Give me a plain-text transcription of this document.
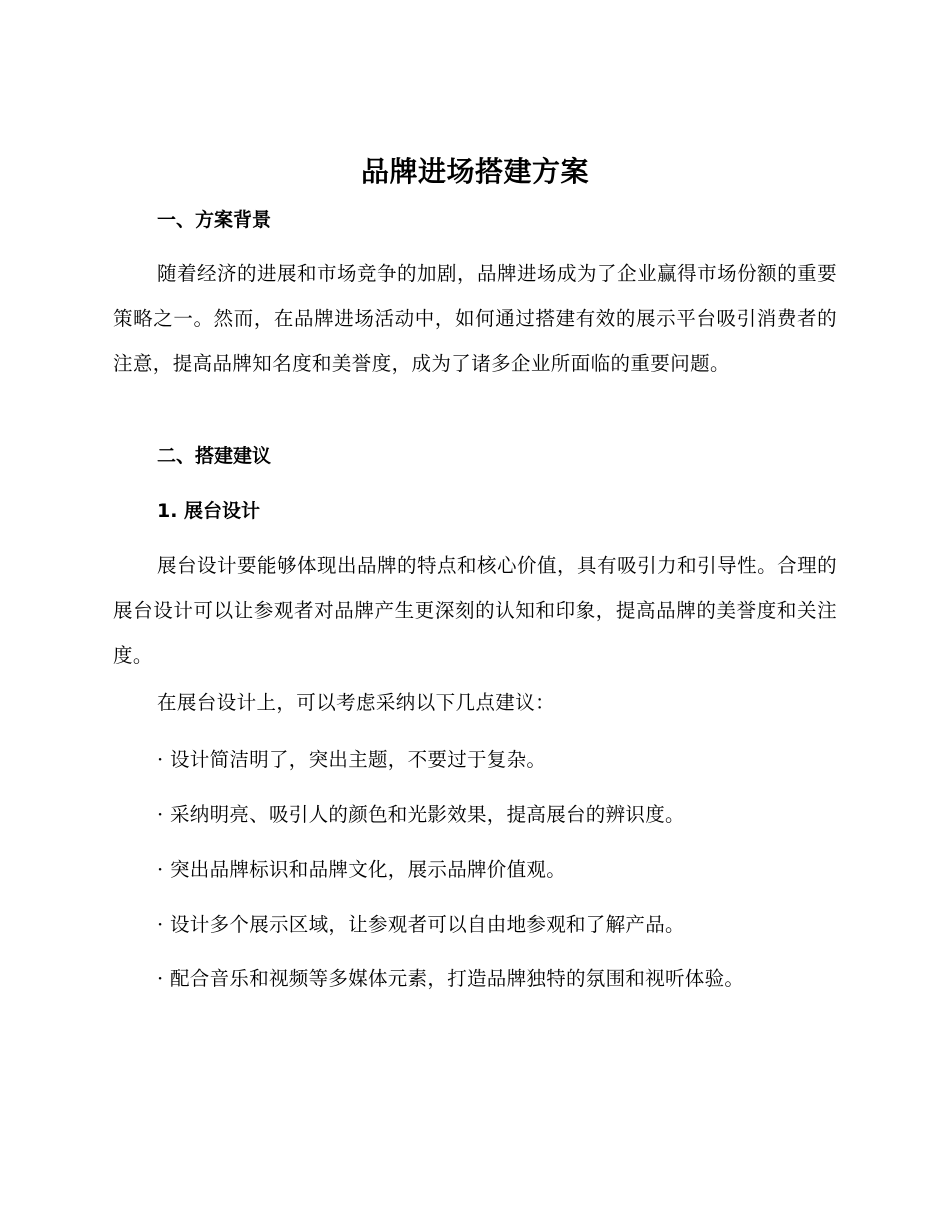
品牌进场搭建方案
一、方案背景

随着经济的进展和市场竞争的加剧，品牌进场成为了企业赢得市场份额的重要策略之一。然而，在品牌进场活动中，如何通过搭建有效的展示平台吸引消费者的注意，提高品牌知名度和美誉度，成为了诸多企业所面临的重要问题。

二、搭建建议
1. 展台设计

展台设计要能够体现出品牌的特点和核心价值，具有吸引力和引导性。合理的展台设计可以让参观者对品牌产生更深刻的认知和印象，提高品牌的美誉度和关注度。

在展台设计上，可以考虑采纳以下几点建议：

· 设计简洁明了，突出主题，不要过于复杂。

· 采纳明亮、吸引人的颜色和光影效果，提高展台的辨识度。

· 突出品牌标识和品牌文化，展示品牌价值观。

· 设计多个展示区域，让参观者可以自由地参观和了解产品。

· 配合音乐和视频等多媒体元素，打造品牌独特的氛围和视听体验。
